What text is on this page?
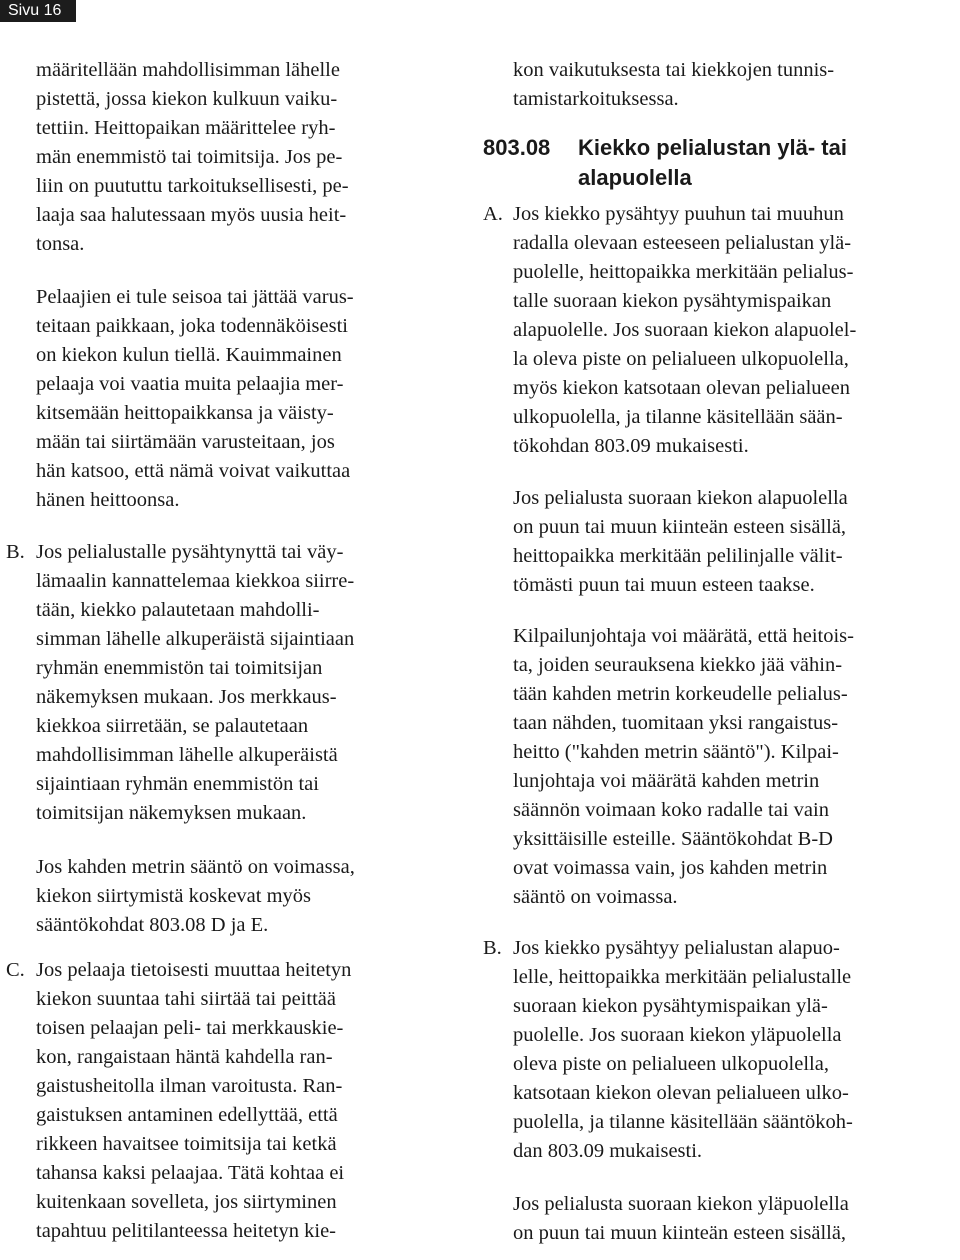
Sivu 16
määritellään mahdollisimman lähelle
pistettä, jossa kiekon kulkuun vaiku-
tettiin. Heittopaikan määrittelee ryh-
män enemmistö tai toimitsija. Jos pe-
liin on puututtu tarkoituksellisesti, pe-
laaja saa halutessaan myös uusia heit-
tonsa.
Pelaajien ei tule seisoa tai jättää varus-
teitaan paikkaan, joka todennäköisesti
on kiekon kulun tiellä. Kauimmainen
pelaaja voi vaatia muita pelaajia mer-
kitsemään heittopaikkansa ja väisty-
mään tai siirtämään varusteitaan, jos
hän katsoo, että nämä voivat vaikuttaa
hänen heittoonsa.
B. Jos pelialustalle pysähtynyttä tai väy-
lämaalin kannattelemaa kiekkoa siirre-
tään, kiekko palautetaan mahdolli-
simman lähelle alkuperäistä sijaintiaan
ryhmän enemmistön tai toimitsijan
näkemyksen mukaan. Jos merkkaus-
kiekkoa siirretään, se palautetaan
mahdollisimman lähelle alkuperäistä
sijaintiaan ryhmän enemmistön tai
toimitsijan näkemyksen mukaan.
Jos kahden metrin sääntö on voimassa,
kiekon siirtymistä koskevat myös
sääntökohdat 803.08 D ja E.
C. Jos pelaaja tietoisesti muuttaa heitetyn
kiekon suuntaa tahi siirtää tai peittää
toisen pelaajan peli- tai merkkauskie-
kon, rangaistaan häntä kahdella ran-
gaistusheitolla ilman varoitusta. Ran-
gaistuksen antaminen edellyttää, että
rikkeen havaitsee toimitsija tai ketkä
tahansa kaksi pelaajaa. Tätä kohtaa ei
kuitenkaan sovelleta, jos siirtyminen
tapahtuu pelitilanteessa heitetyn kie-
kon vaikutuksesta tai kiekkojen tunnis-
tamistarkoituksessa.
803.08 Kiekko pelialustan ylä- tai
alapuolella
A. Jos kiekko pysähtyy puuhun tai muuhun
radalla olevaan esteeseen pelialustan ylä-
puolelle, heittopaikka merkitään pelialus-
talle suoraan kiekon pysähtymispaikan
alapuolelle. Jos suoraan kiekon alapuolel-
la oleva piste on pelialueen ulkopuolella,
myös kiekon katsotaan olevan pelialueen
ulkopuolella, ja tilanne käsitellään sään-
tökohdan 803.09 mukaisesti.
Jos pelialusta suoraan kiekon alapuolella
on puun tai muun kiinteän esteen sisällä,
heittopaikka merkitään pelilinjalle välit-
tömästi puun tai muun esteen taakse.
Kilpailunjohtaja voi määrätä, että heitois-
ta, joiden seurauksena kiekko jää vähin-
tään kahden metrin korkeudelle pelialus-
taan nähden, tuomitaan yksi rangaistus-
heitto ("kahden metrin sääntö"). Kilpai-
lunjohtaja voi määrätä kahden metrin
säännön voimaan koko radalle tai vain
yksittäisille esteille. Sääntökohdat B-D
ovat voimassa vain, jos kahden metrin
sääntö on voimassa.
B. Jos kiekko pysähtyy pelialustan alapuo-
lelle, heittopaikka merkitään pelialustalle
suoraan kiekon pysähtymispaikan ylä-
puolelle. Jos suoraan kiekon yläpuolella
oleva piste on pelialueen ulkopuolella,
katsotaan kiekon olevan pelialueen ulko-
puolella, ja tilanne käsitellään sääntökoh-
dan 803.09 mukaisesti.
Jos pelialusta suoraan kiekon yläpuolella
on puun tai muun kiinteän esteen sisällä,
